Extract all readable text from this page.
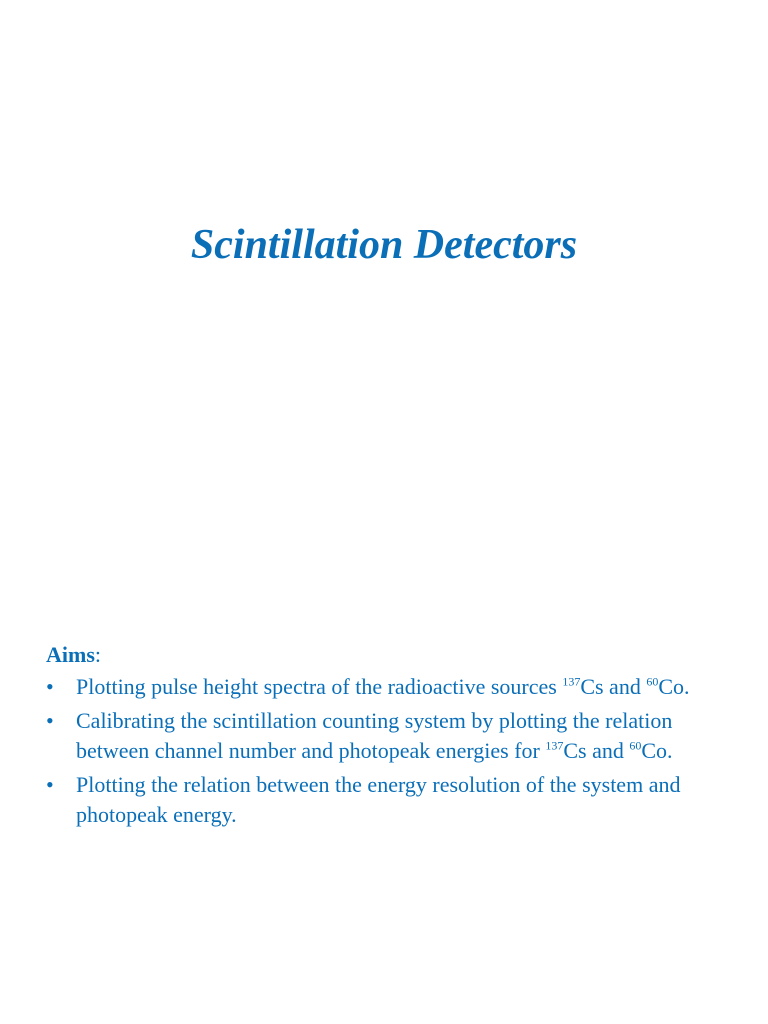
Scintillation Detectors
Aims:
• Plotting pulse height spectra of the radioactive sources $^{137}$Cs and $^{60}$Co.
• Calibrating the scintillation counting system by plotting the relation between channel number and photopeak energies for $^{137}$Cs and $^{60}$Co.
• Plotting the relation between the energy resolution of the system and photopeak energy.
